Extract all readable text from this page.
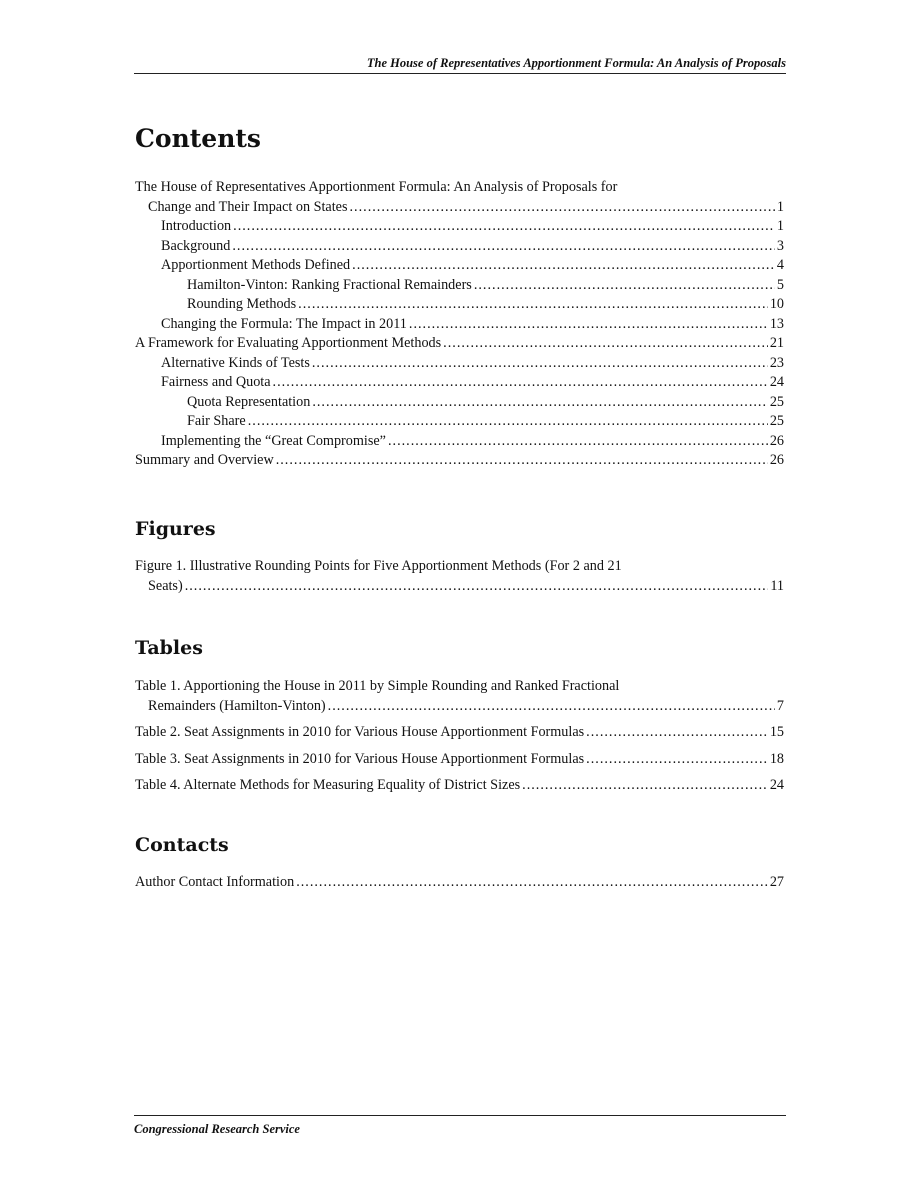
The House of Representatives Apportionment Formula: An Analysis of Proposals
Contents
The House of Representatives Apportionment Formula: An Analysis of Proposals for
Change and Their Impact on States .....	1
Introduction .....	1
Background .....	3
Apportionment Methods Defined .....	4
Hamilton-Vinton: Ranking Fractional Remainders .....	5
Rounding Methods .....	10
Changing the Formula: The Impact in 2011 .....	13
A Framework for Evaluating Apportionment Methods .....	21
Alternative Kinds of Tests .....	23
Fairness and Quota .....	24
Quota Representation .....	25
Fair Share .....	25
Implementing the “Great Compromise” .....	26
Summary and Overview .....	26
Figures
Figure 1. Illustrative Rounding Points for Five Apportionment Methods (For 2 and 21
Seats) .....	11
Tables
Table 1. Apportioning the House in 2011 by Simple Rounding and Ranked Fractional
Remainders (Hamilton-Vinton) .....	7
Table 2. Seat Assignments in 2010 for Various House Apportionment Formulas .....	15
Table 3. Seat Assignments in 2010 for Various House Apportionment Formulas .....	18
Table 4. Alternate Methods for Measuring Equality of District Sizes .....	24
Contacts
Author Contact Information .....	27
Congressional Research Service
